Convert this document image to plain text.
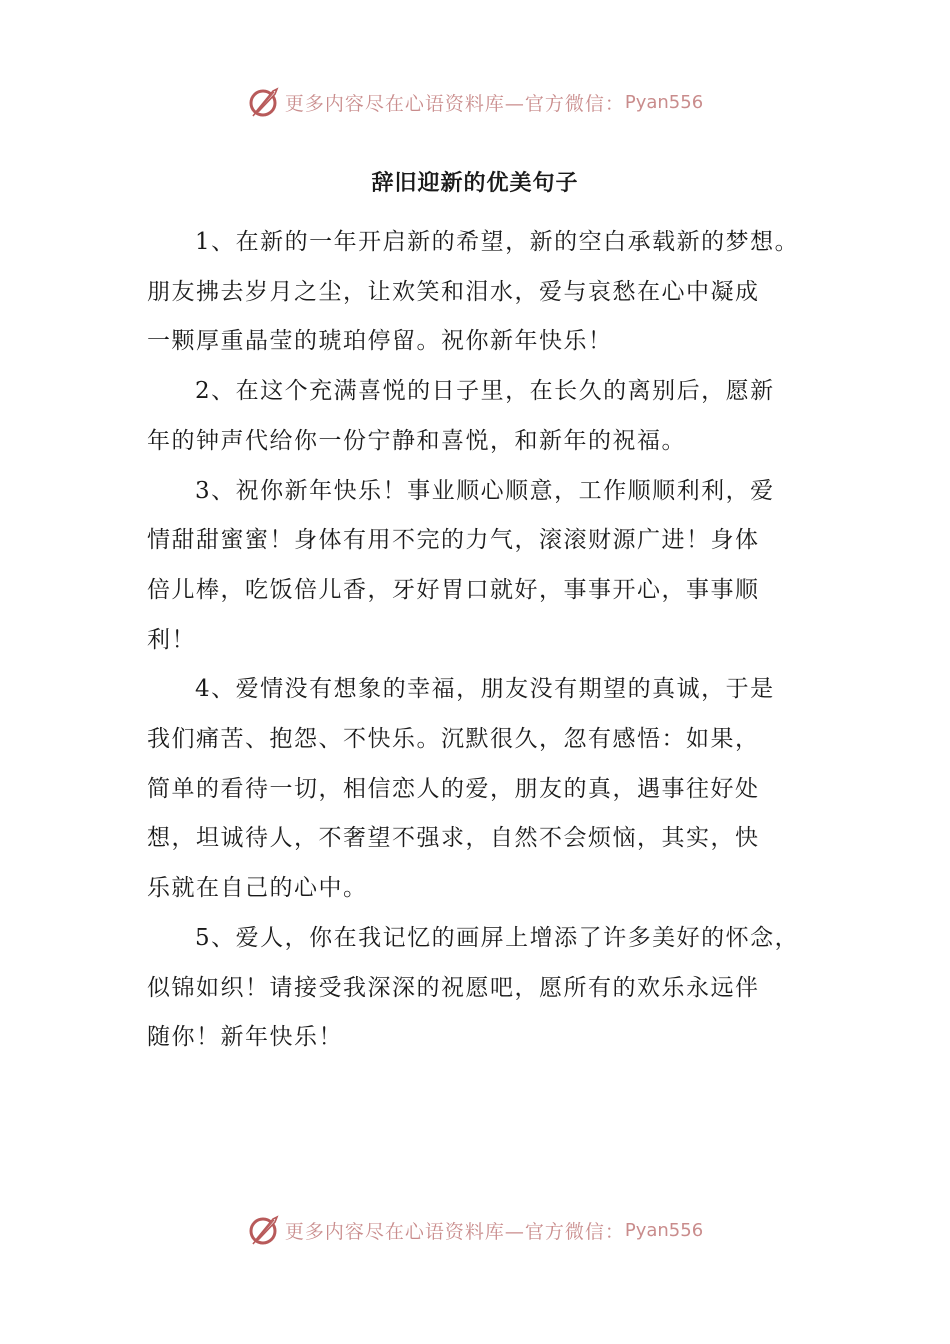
更多内容尽在心语资料库—官方微信： Pyan556
辞旧迎新的优美句子
1、在新的一年开启新的希望，新的空白承载新的梦想。
朋友拂去岁月之尘，让欢笑和泪水，爱与哀愁在心中凝成
一颗厚重晶莹的琥珀停留。祝你新年快乐！
2、在这个充满喜悦的日子里，在长久的离别后，愿新
年的钟声代给你一份宁静和喜悦，和新年的祝福。
3、祝你新年快乐！事业顺心顺意，工作顺顺利利，爱
情甜甜蜜蜜！身体有用不完的力气，滚滚财源广进！身体
倍儿棒，吃饭倍儿香，牙好胃口就好，事事开心，事事顺
利！
4、爱情没有想象的幸福，朋友没有期望的真诚，于是
我们痛苦、抱怨、不快乐。沉默很久，忽有感悟：如果，
简单的看待一切，相信恋人的爱，朋友的真，遇事往好处
想，坦诚待人，不奢望不强求，自然不会烦恼，其实，快
乐就在自己的心中。
5、爱人，你在我记忆的画屏上增添了许多美好的怀念，
似锦如织！请接受我深深的祝愿吧，愿所有的欢乐永远伴
随你！新年快乐！
更多内容尽在心语资料库—官方微信： Pyan556
